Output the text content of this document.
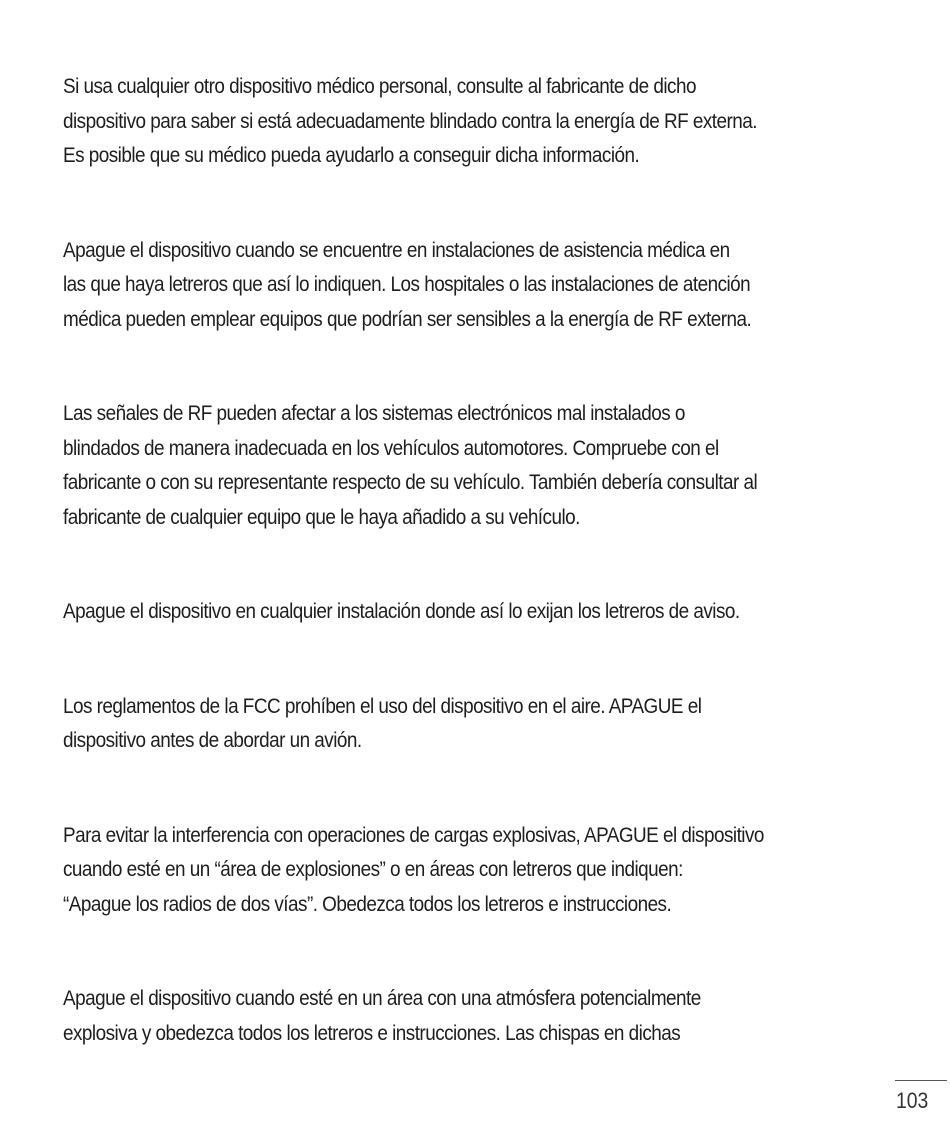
Si usa cualquier otro dispositivo médico personal, consulte al fabricante de dicho
dispositivo para saber si está adecuadamente blindado contra la energía de RF externa.
Es posible que su médico pueda ayudarlo a conseguir dicha información.

Apague el dispositivo cuando se encuentre en instalaciones de asistencia médica en
las que haya letreros que así lo indiquen. Los hospitales o las instalaciones de atención
médica pueden emplear equipos que podrían ser sensibles a la energía de RF externa.

Las señales de RF pueden afectar a los sistemas electrónicos mal instalados o
blindados de manera inadecuada en los vehículos automotores. Compruebe con el
fabricante o con su representante respecto de su vehículo. También debería consultar al
fabricante de cualquier equipo que le haya añadido a su vehículo.

Apague el dispositivo en cualquier instalación donde así lo exijan los letreros de aviso.

Los reglamentos de la FCC prohíben el uso del dispositivo en el aire. APAGUE el
dispositivo antes de abordar un avión.

Para evitar la interferencia con operaciones de cargas explosivas, APAGUE el dispositivo
cuando esté en un “área de explosiones” o en áreas con letreros que indiquen:
“Apague los radios de dos vías”. Obedezca todos los letreros e instrucciones.

Apague el dispositivo cuando esté en un área con una atmósfera potencialmente
explosiva y obedezca todos los letreros e instrucciones. Las chispas en dichas

103
